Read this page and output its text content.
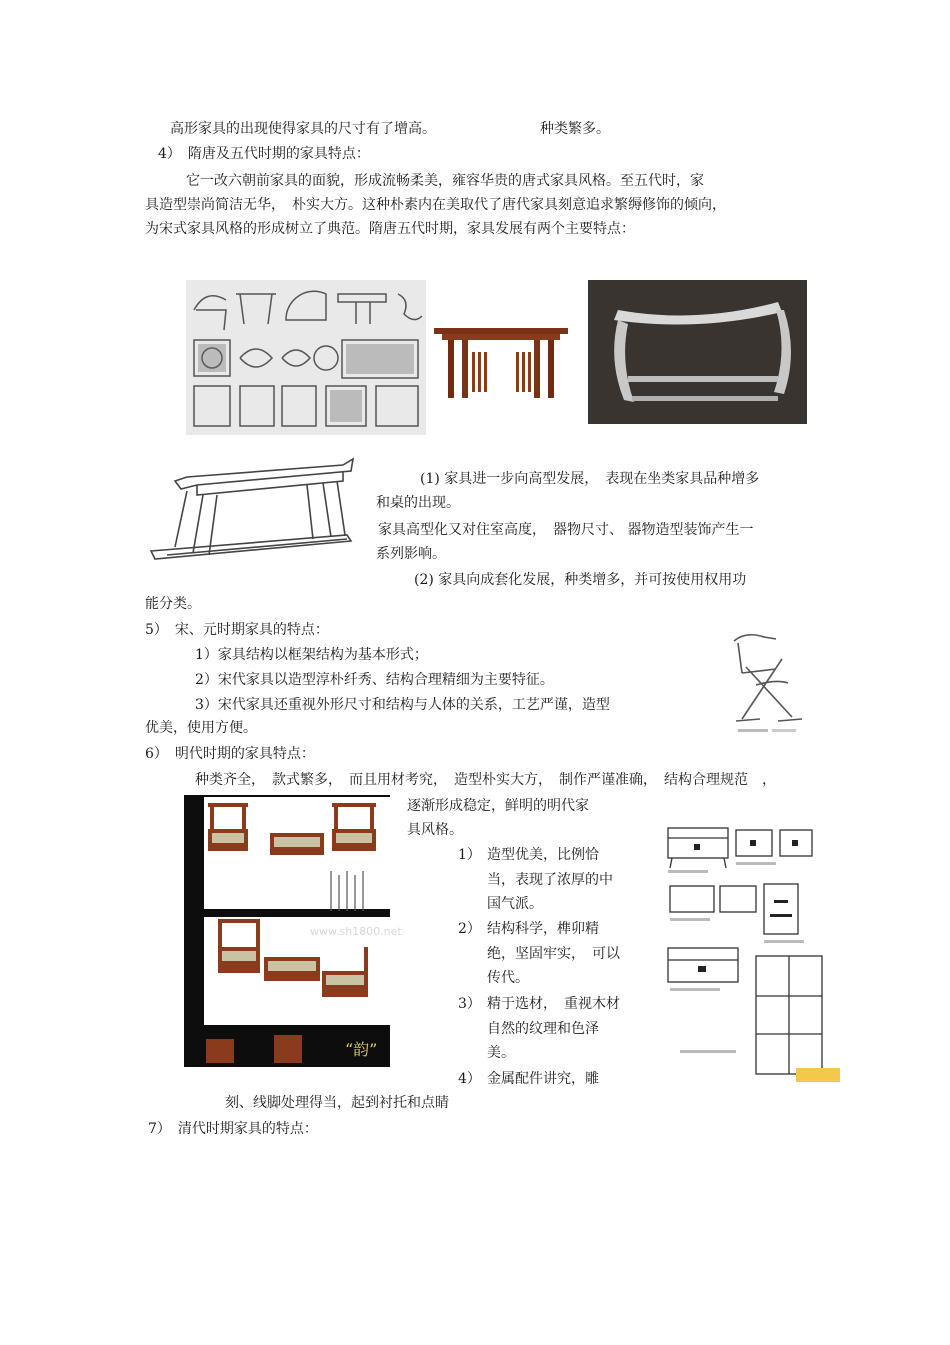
高形家具的出现使得家具的尺寸有了增高。	种类繁多。
4）　隋唐及五代时期的家具特点：
它一改六朝前家具的面貌，形成流畅柔美，雍容华贵的唐式家具风格。至五代时，家
具造型崇尚简洁无华，　朴实大方。这种朴素内在美取代了唐代家具刻意追求繁缛修饰的倾向，
为宋式家具风格的形成树立了典范。隋唐五代时期，家具发展有两个主要特点：
(1) 家具进一步向高型发展，　表现在坐类家具品种增多
和桌的出现。
家具高型化又对住室高度，　器物尺寸、 器物造型装饰产生一
系列影响。
(2) 家具向成套化发展，种类增多，并可按使用权用功
能分类。
5）　宋、元时期家具的特点：
1）家具结构以框架结构为基本形式；
2）宋代家具以造型淳朴纤秀、结构合理精细为主要特征。
3）宋代家具还重视外形尺寸和结构与人体的关系，工艺严谨，造型
优美，使用方便。
6）　明代时期的家具特点：
种类齐全，　款式繁多，　而且用材考究，　造型朴实大方，　制作严谨准确，　结构合理规范　，
www.sh1800.net
“韵”
逐渐形成稳定，鲜明的明代家
具风格。
1） 造型优美，比例恰
当，表现了浓厚的中
国气派。
2） 结构科学，榫卯精
绝，坚固牢实，　可以
传代。
3） 精于选材，　重视木材
自然的纹理和色泽
美。
4） 金属配件讲究，雕
刻、线脚处理得当，起到衬托和点睛
7）　清代时期家具的特点：
